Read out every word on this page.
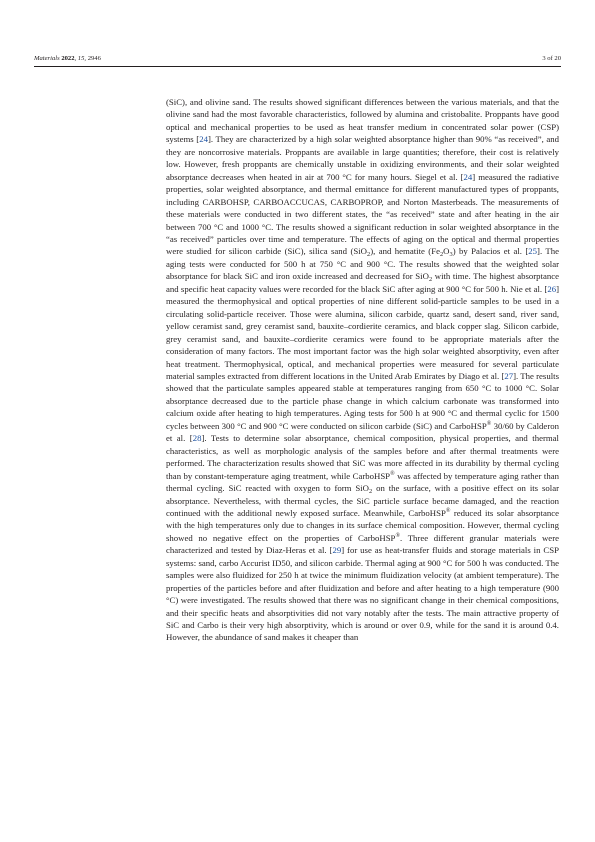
Materials 2022, 15, 2946	3 of 20

(SiC), and olivine sand. The results showed significant differences between the various materials, and that the olivine sand had the most favorable characteristics, followed by alumina and cristobalite. Proppants have good optical and mechanical properties to be used as heat transfer medium in concentrated solar power (CSP) systems [24]. They are characterized by a high solar weighted absorptance higher than 90% “as received”, and they are noncorrosive materials. Proppants are available in large quantities; therefore, their cost is relatively low. However, fresh proppants are chemically unstable in oxidizing environments, and their solar weighted absorptance decreases when heated in air at 700 °C for many hours. Siegel et al. [24] measured the radiative properties, solar weighted absorptance, and thermal emittance for different manufactured types of proppants, including CARBOHSP, CARBOACCUCAS, CARBOPROP, and Norton Masterbeads. The measurements of these materials were conducted in two different states, the “as received” state and after heating in the air between 700 °C and 1000 °C. The results showed a significant reduction in solar weighted absorptance in the “as received” particles over time and temperature. The effects of aging on the optical and thermal properties were studied for silicon carbide (SiC), silica sand (SiO$_2$), and hematite $(Fe_2O_3)$ by Palacios et al. [25]. The aging tests were conducted for 500 h at 750 °C and 900 °C. The results showed that the weighted solar absorptance for black SiC and iron oxide increased and decreased for SiO$_2$ with time. The highest absorptance and specific heat capacity values were recorded for the black SiC after aging at 900 °C for 500 h. Nie et al. [26] measured the thermophysical and optical properties of nine different solid-particle samples to be used in a circulating solid-particle receiver. Those were alumina, silicon carbide, quartz sand, desert sand, river sand, yellow ceramist sand, grey ceramist sand, bauxite–cordierite ceramics, and black copper slag. Silicon carbide, grey ceramist sand, and bauxite–cordierite ceramics were found to be appropriate materials after the consideration of many factors. The most important factor was the high solar weighted absorptivity, even after heat treatment. Thermophysical, optical, and mechanical properties were measured for several particulate material samples extracted from different locations in the United Arab Emirates by Diago et al. [27]. The results showed that the particulate samples appeared stable at temperatures ranging from 650 °C to 1000 °C. Solar absorptance decreased due to the particle phase change in which calcium carbonate was transformed into calcium oxide after heating to high temperatures. Aging tests for 500 h at 900 °C and thermal cyclic for 1500 cycles between 300 °C and 900 °C were conducted on silicon carbide (SiC) and CarboHSP® 30/60 by Calderon et al. [28]. Tests to determine solar absorptance, chemical composition, physical properties, and thermal characteristics, as well as morphologic analysis of the samples before and after thermal treatments were performed. The characterization results showed that SiC was more affected in its durability by thermal cycling than by constant-temperature aging treatment, while CarboHSP® was affected by temperature aging rather than thermal cycling. SiC reacted with oxygen to form SiO$_2$ on the surface, with a positive effect on its solar absorptance. Nevertheless, with thermal cycles, the SiC particle surface became damaged, and the reaction continued with the additional newly exposed surface. Meanwhile, CarboHSP® reduced its solar absorptance with the high temperatures only due to changes in its surface chemical composition. However, thermal cycling showed no negative effect on the properties of CarboHSP®. Three different granular materials were characterized and tested by Diaz-Heras et al. [29] for use as heat-transfer fluids and storage materials in CSP systems: sand, carbo Accurist ID50, and silicon carbide. Thermal aging at 900 °C for 500 h was conducted. The samples were also fluidized for 250 h at twice the minimum fluidization velocity (at ambient temperature). The properties of the particles before and after fluidization and before and after heating to a high temperature (900 °C) were investigated. The results showed that there was no significant change in their chemical compositions, and their specific heats and absorptivities did not vary notably after the tests. The main attractive property of SiC and Carbo is their very high absorptivity, which is around or over 0.9, while for the sand it is around 0.4. However, the abundance of sand makes it cheaper than
